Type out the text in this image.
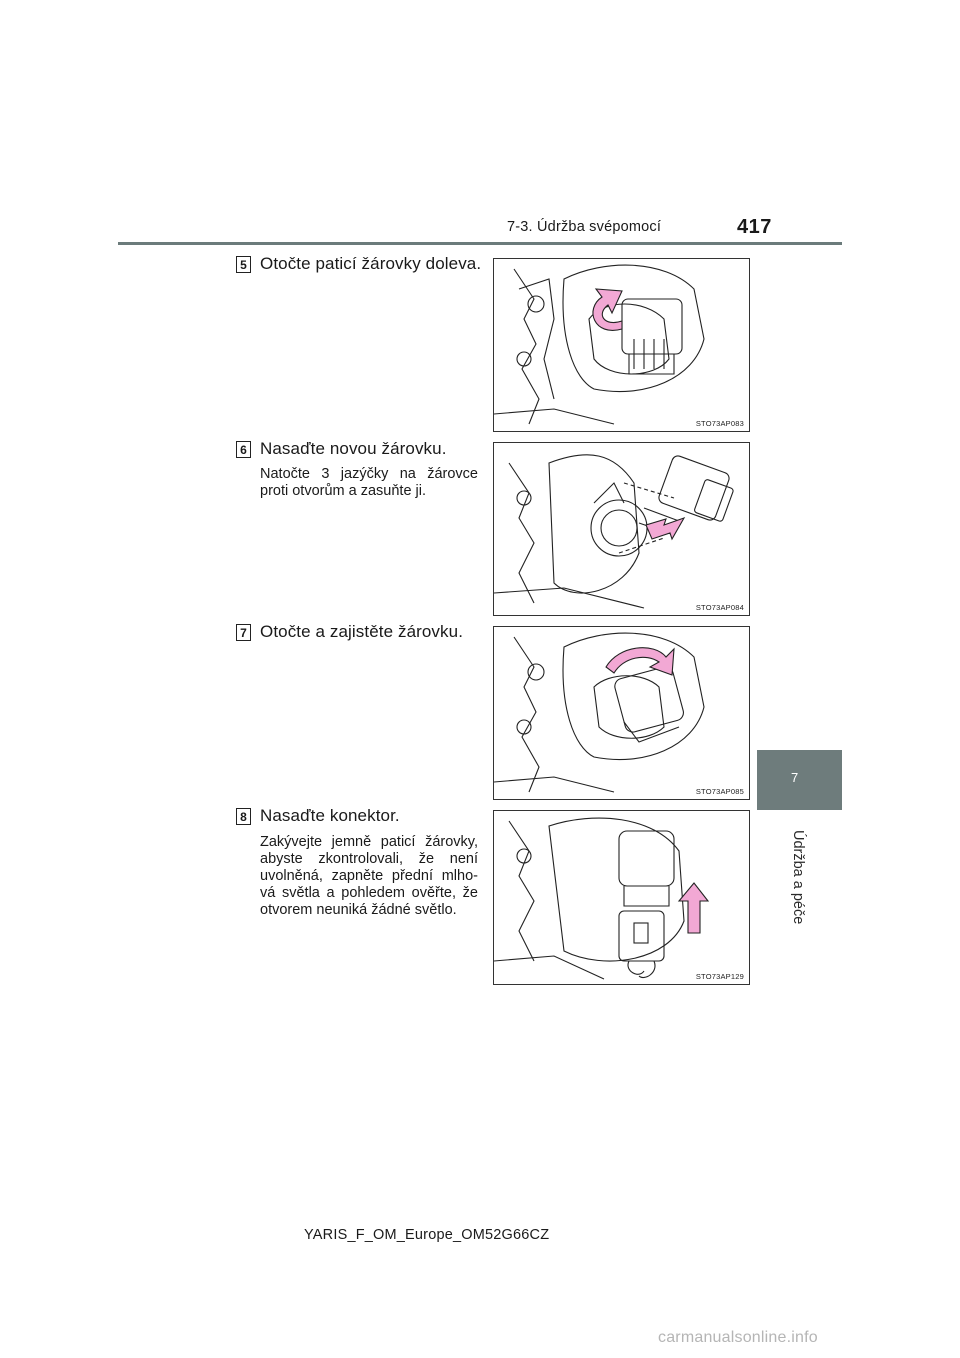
7-3. Údržba svépomocí	417
7
Údržba a péče
5 Otočte paticí žárovky doleva.
STO73AP083
6 Nasaďte novou žárovku.
Natočte 3 jazýčky na žárovce proti otvorům a zasuňte ji.
STO73AP084
7 Otočte a zajistěte žárovku.
STO73AP085
8 Nasaďte konektor.
Zakývejte jemně paticí žárovky, abyste zkontrolovali, že není uvolněná, zapněte přední mlho-vá světla a pohledem ověřte, že otvorem neuniká žádné světlo.
STO73AP129
YARIS_F_OM_Europe_OM52G66CZ
carmanualsonline.info
